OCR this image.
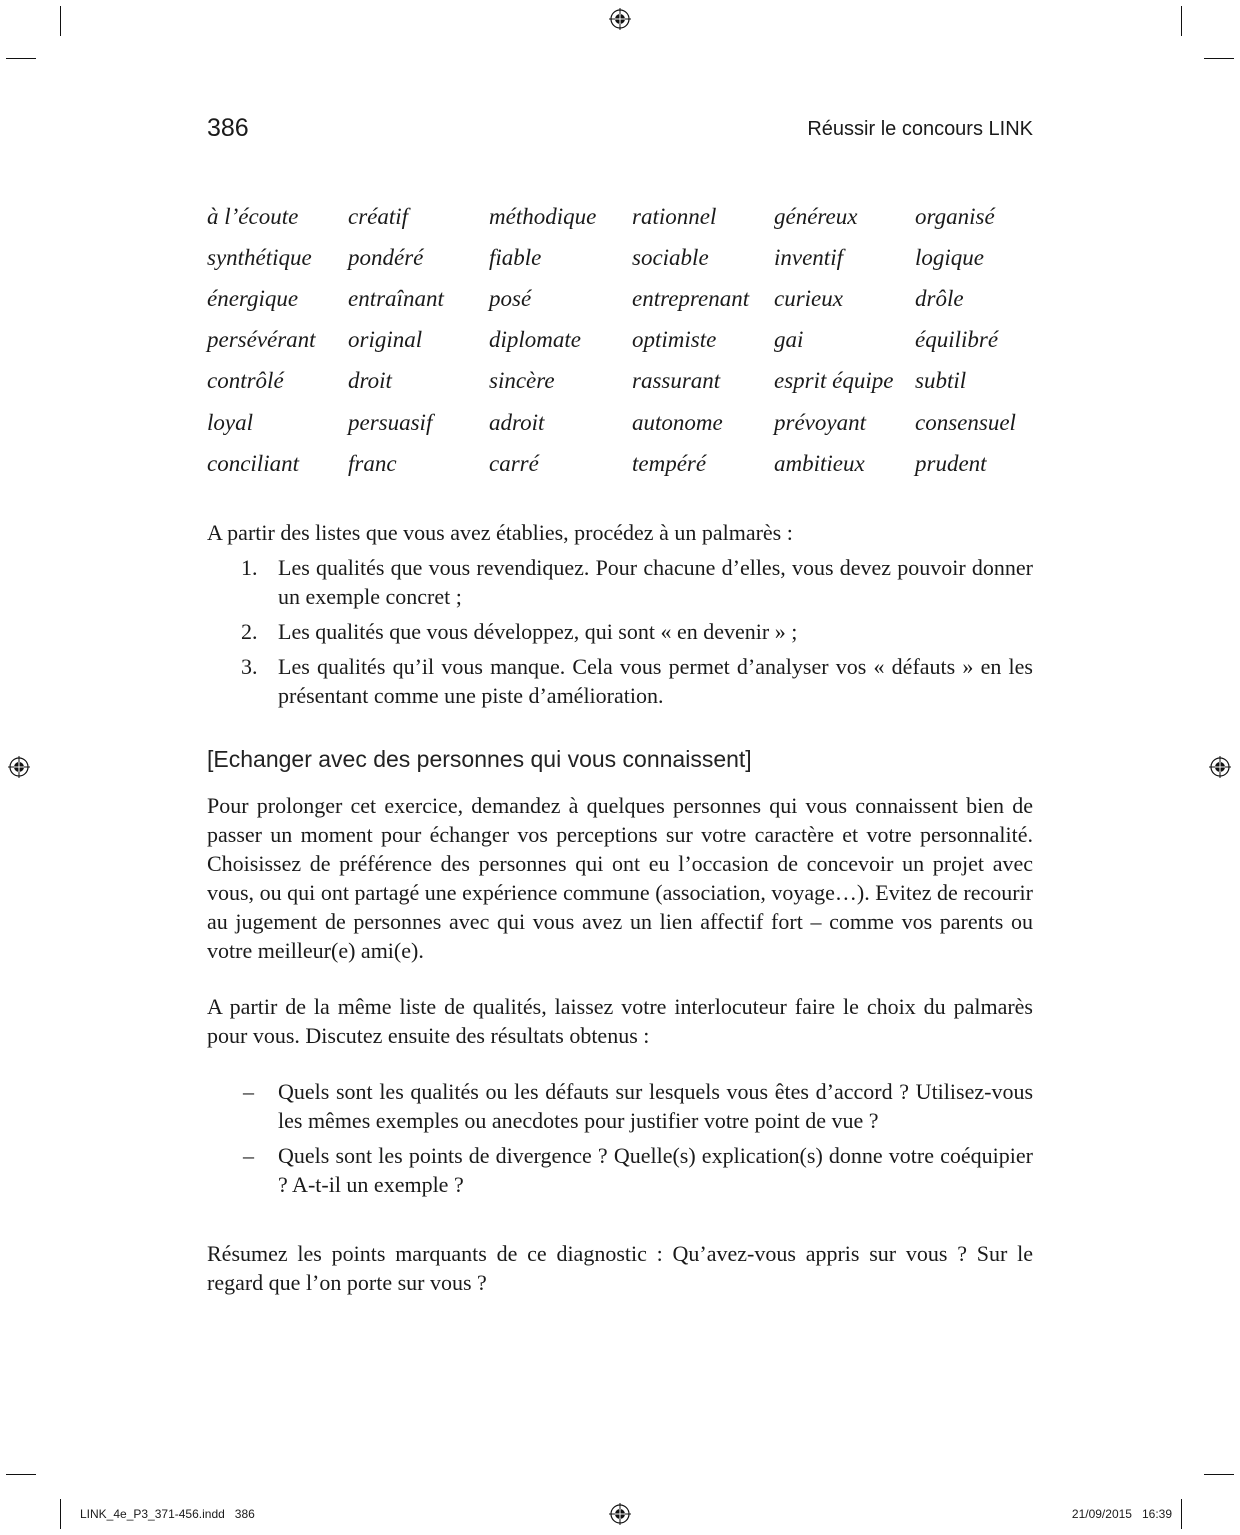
386	Réussir le concours LINK
à l’écoute	créatif	méthodique	rationnel	généreux	organisé
synthétique	pondéré	fiable	sociable	inventif	logique
énergique	entraînant	posé	entreprenant	curieux	drôle
persévérant	original	diplomate	optimiste	gai	équilibré
contrôlé	droit	sincère	rassurant	esprit équipe	subtil
loyal	persuasif	adroit	autonome	prévoyant	consensuel
conciliant	franc	carré	tempéré	ambitieux	prudent
A partir des listes que vous avez établies, procédez à un palmarès :
1. Les qualités que vous revendiquez. Pour chacune d’elles, vous devez pouvoir donner un exemple concret ;
2. Les qualités que vous développez, qui sont « en devenir » ;
3. Les qualités qu’il vous manque. Cela vous permet d’analyser vos « défauts » en les présentant comme une piste d’amélioration.
[Echanger avec des personnes qui vous connaissent]
Pour prolonger cet exercice, demandez à quelques personnes qui vous connaissent bien de passer un moment pour échanger vos perceptions sur votre caractère et votre personnalité. Choisissez de préférence des personnes qui ont eu l’occasion de concevoir un projet avec vous, ou qui ont partagé une expérience commune (association, voyage…). Evitez de recourir au jugement de personnes avec qui vous avez un lien affectif fort – comme vos parents ou votre meilleur(e) ami(e).
A partir de la même liste de qualités, laissez votre interlocuteur faire le choix du palmarès pour vous. Discutez ensuite des résultats obtenus :
– Quels sont les qualités ou les défauts sur lesquels vous êtes d’accord ? Utilisez-vous les mêmes exemples ou anecdotes pour justifier votre point de vue ?
– Quels sont les points de divergence ? Quelle(s) explication(s) donne votre coéquipier ? A-t-il un exemple ?
Résumez les points marquants de ce diagnostic : Qu’avez-vous appris sur vous ? Sur le regard que l’on porte sur vous ?
LINK_4e_P3_371-456.indd   386	21/09/2015   16:39
